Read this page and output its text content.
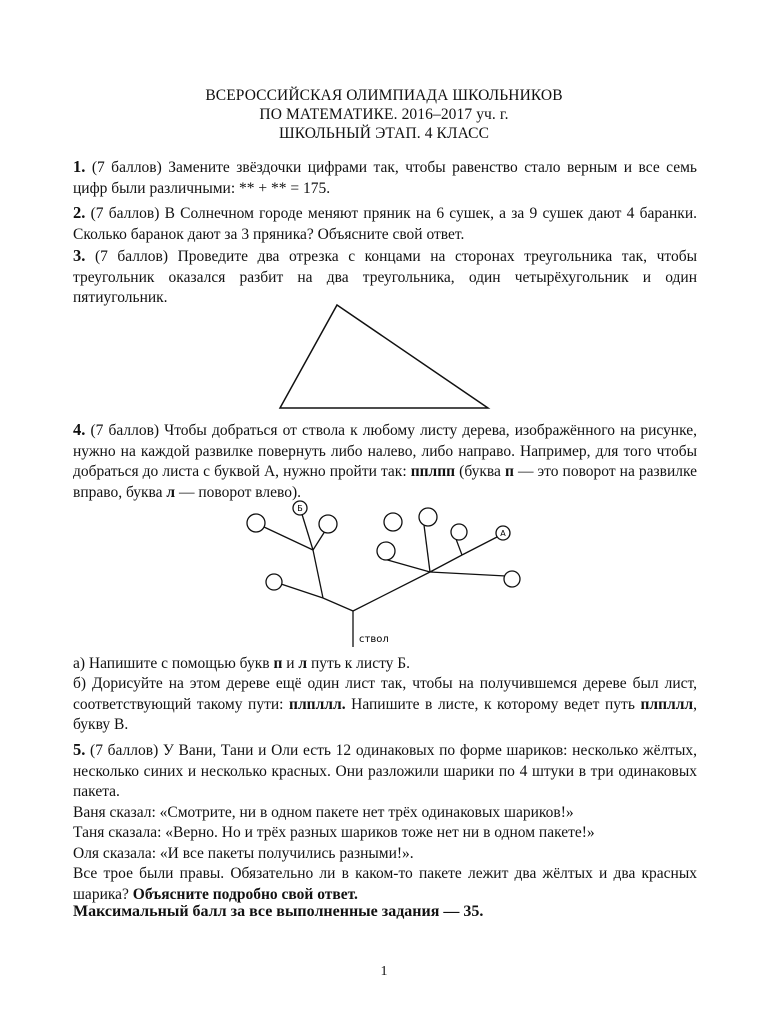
ВСЕРОССИЙСКАЯ ОЛИМПИАДА ШКОЛЬНИКОВ
ПО МАТЕМАТИКЕ. 2016–2017 уч. г.
ШКОЛЬНЫЙ ЭТАП. 4 КЛАСС
1. (7 баллов) Замените звёздочки цифрами так, чтобы равенство стало верным и все семь цифр были различными: ** + ** = 175.
2. (7 баллов) В Солнечном городе меняют пряник на 6 сушек, а за 9 сушек дают 4 баранки. Сколько баранок дают за 3 пряника? Объясните свой ответ.
3. (7 баллов) Проведите два отрезка с концами на сторонах треугольника так, чтобы треугольник оказался разбит на два треугольника, один четырёхугольник и один пятиугольник.
4. (7 баллов) Чтобы добраться от ствола к любому листу дерева, изображённого на рисунке, нужно на каждой развилке повернуть либо налево, либо направо. Например, для того чтобы добраться до листа с буквой А, нужно пройти так: пплпп (буква п — это поворот на развилке вправо, буква л — поворот влево).
Б
А
ствол
а) Напишите с помощью букв п и л путь к листу Б.
б) Дорисуйте на этом дереве ещё один лист так, чтобы на получившемся дереве был лист, соответствующий такому пути: плпллл. Напишите в листе, к которому ведет путь плпллл, букву В.
5. (7 баллов) У Вани, Тани и Оли есть 12 одинаковых по форме шариков: несколько жёлтых, несколько синих и несколько красных. Они разложили шарики по 4 штуки в три одинаковых пакета.
Ваня сказал: «Смотрите, ни в одном пакете нет трёх одинаковых шариков!»
Таня сказала: «Верно. Но и трёх разных шариков тоже нет ни в одном пакете!»
Оля сказала: «И все пакеты получились разными!».
Все трое были правы. Обязательно ли в каком-то пакете лежит два жёлтых и два красных шарика? Объясните подробно свой ответ.
Максимальный балл за все выполненные задания — 35.
1
